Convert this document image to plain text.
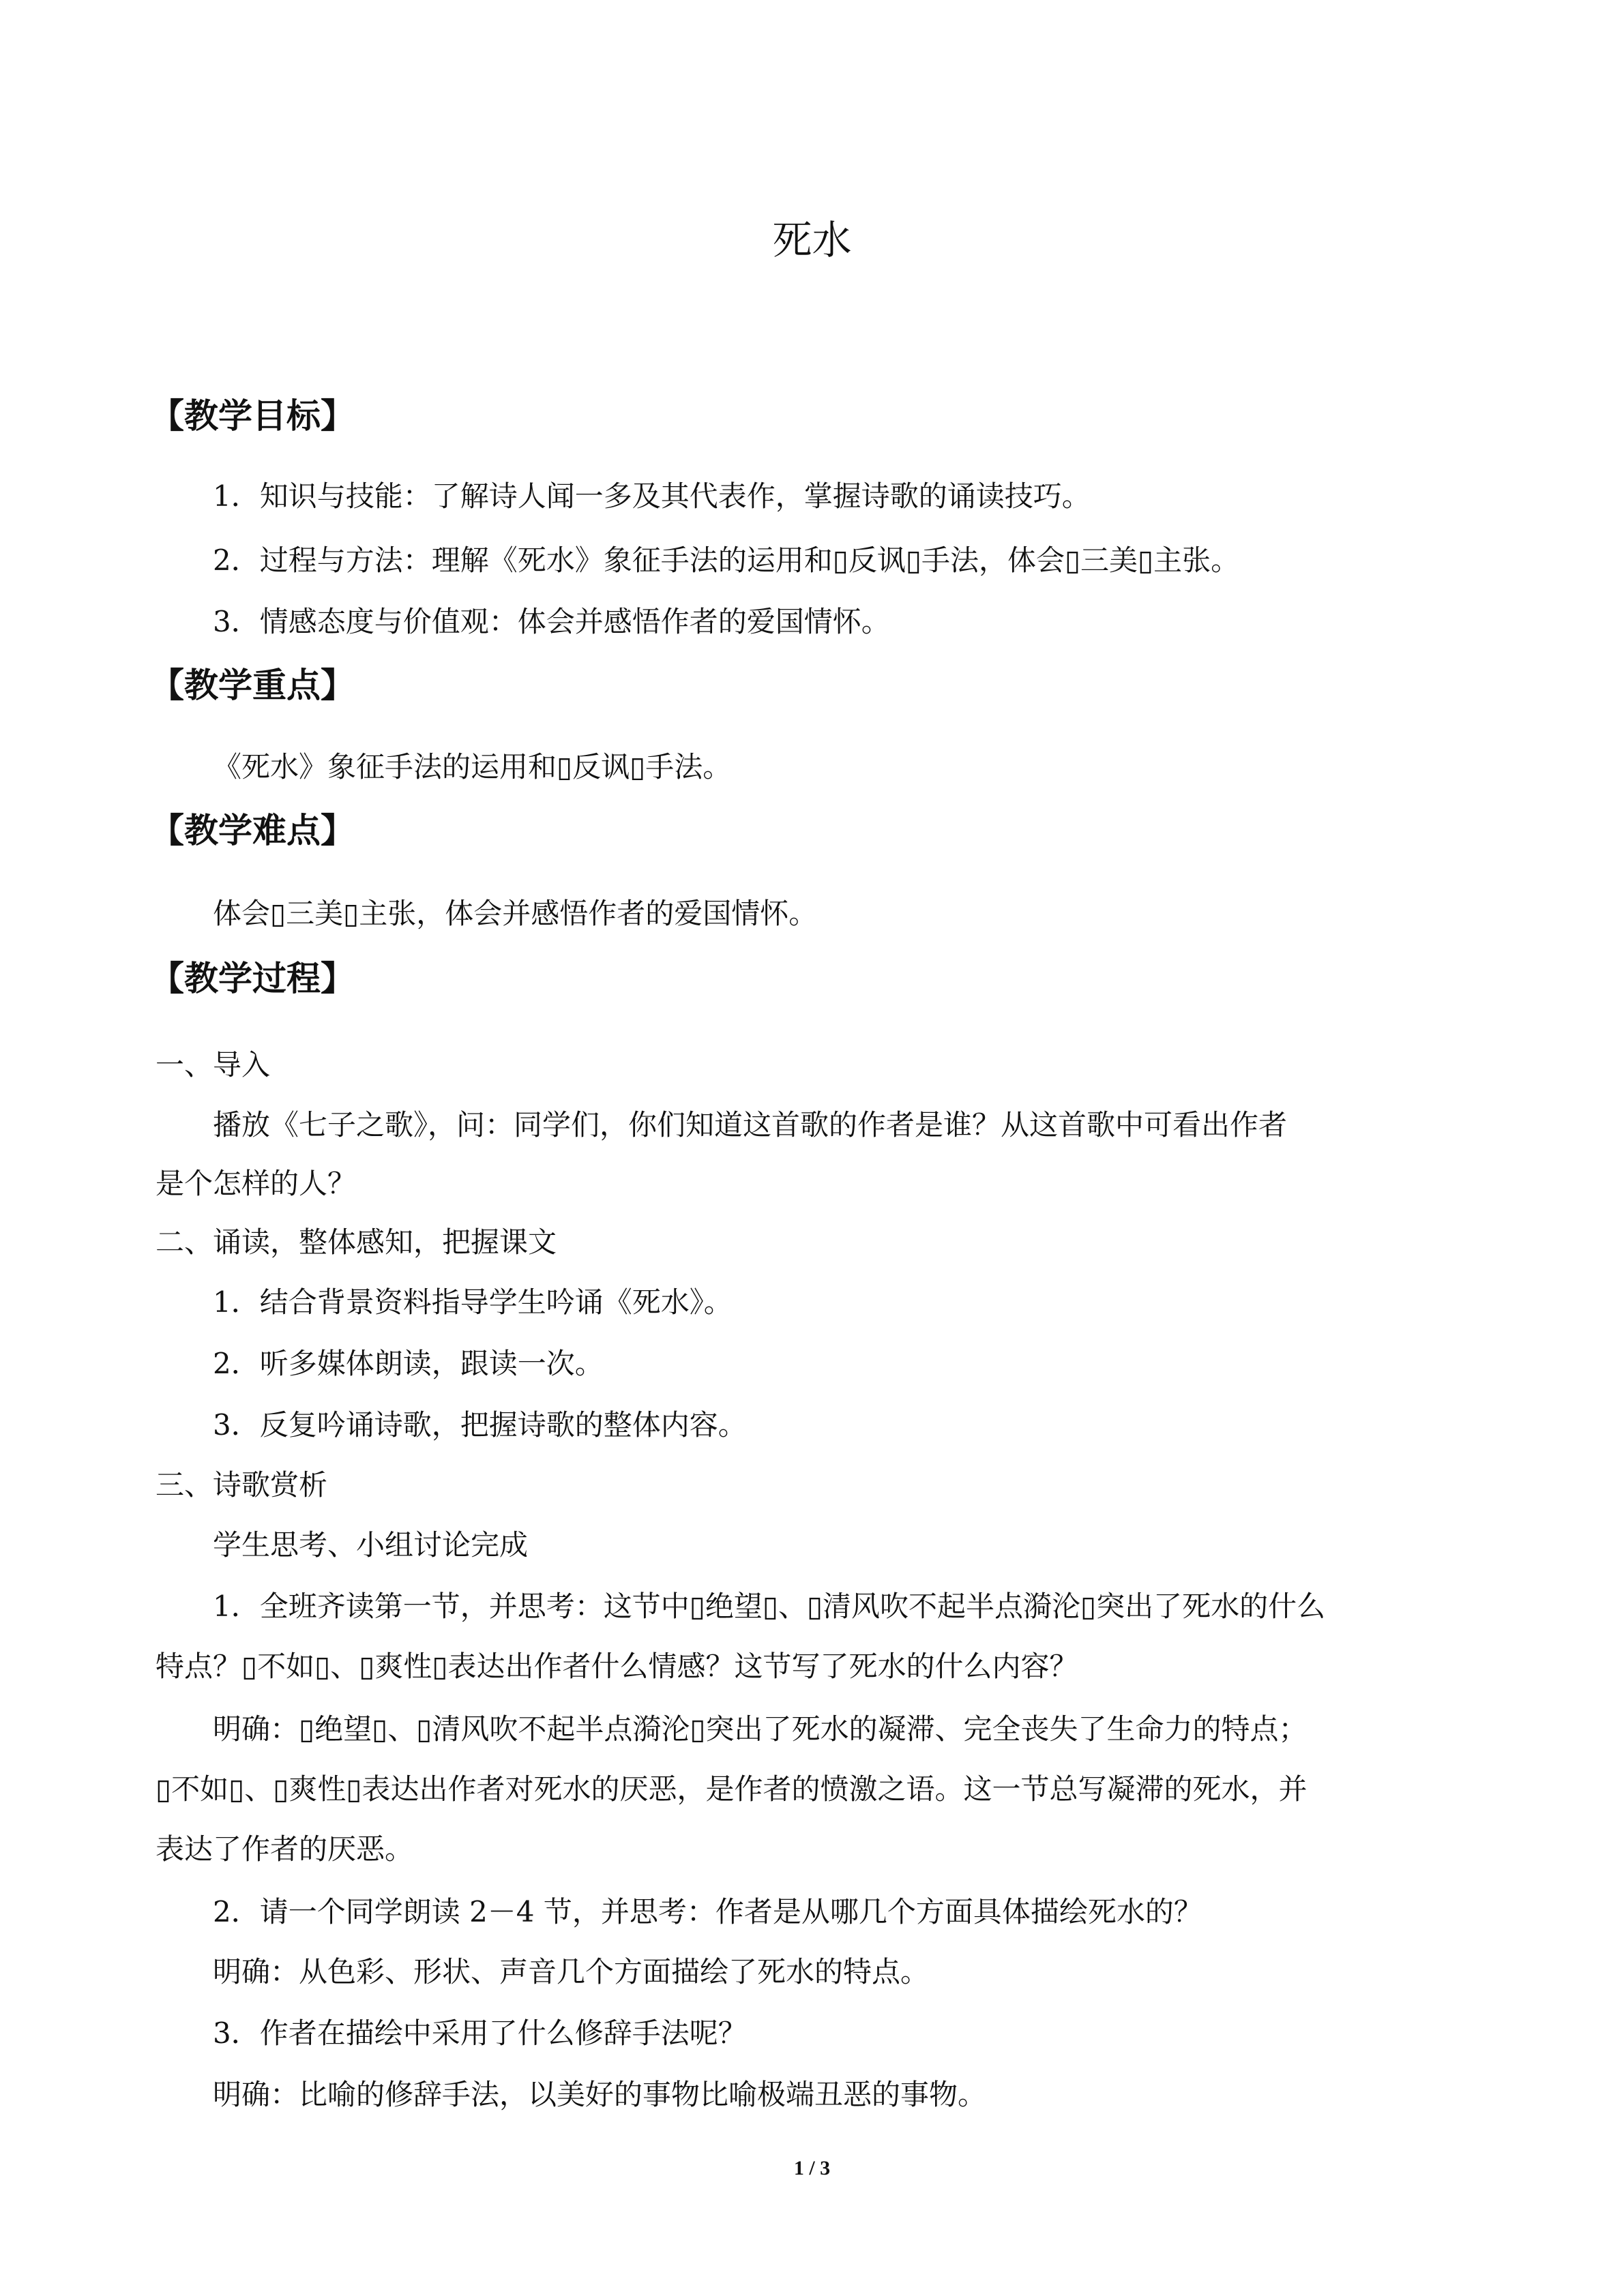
死水
【教学目标】

1．知识与技能：了解诗人闻一多及其代表作，掌握诗歌的诵读技巧。

2．过程与方法：理解《死水》象征手法的运用和▯反讽▯手法，体会▯三美▯主张。

3．情感态度与价值观：体会并感悟作者的爱国情怀。

【教学重点】

《死水》象征手法的运用和▯反讽▯手法。

【教学难点】

体会▯三美▯主张，体会并感悟作者的爱国情怀。

【教学过程】

一、导入

播放《七子之歌》，问：同学们，你们知道这首歌的作者是谁？从这首歌中可看出作者

是个怎样的人？

二、诵读，整体感知，把握课文

1．结合背景资料指导学生吟诵《死水》。

2．听多媒体朗读，跟读一次。

3．反复吟诵诗歌，把握诗歌的整体内容。

三、诗歌赏析

学生思考、小组讨论完成

1．全班齐读第一节，并思考：这节中▯绝望▯、▯清风吹不起半点漪沦▯突出了死水的什么

特点？▯不如▯、▯爽性▯表达出作者什么情感？这节写了死水的什么内容？

明确：▯绝望▯、▯清风吹不起半点漪沦▯突出了死水的凝滞、完全丧失了生命力的特点；

▯不如▯、▯爽性▯表达出作者对死水的厌恶，是作者的愤激之语。这一节总写凝滞的死水，并

表达了作者的厌恶。

2．请一个同学朗读 2－4 节，并思考：作者是从哪几个方面具体描绘死水的？

明确：从色彩、形状、声音几个方面描绘了死水的特点。

3．作者在描绘中采用了什么修辞手法呢？

明确：比喻的修辞手法，以美好的事物比喻极端丑恶的事物。

1 / 3
